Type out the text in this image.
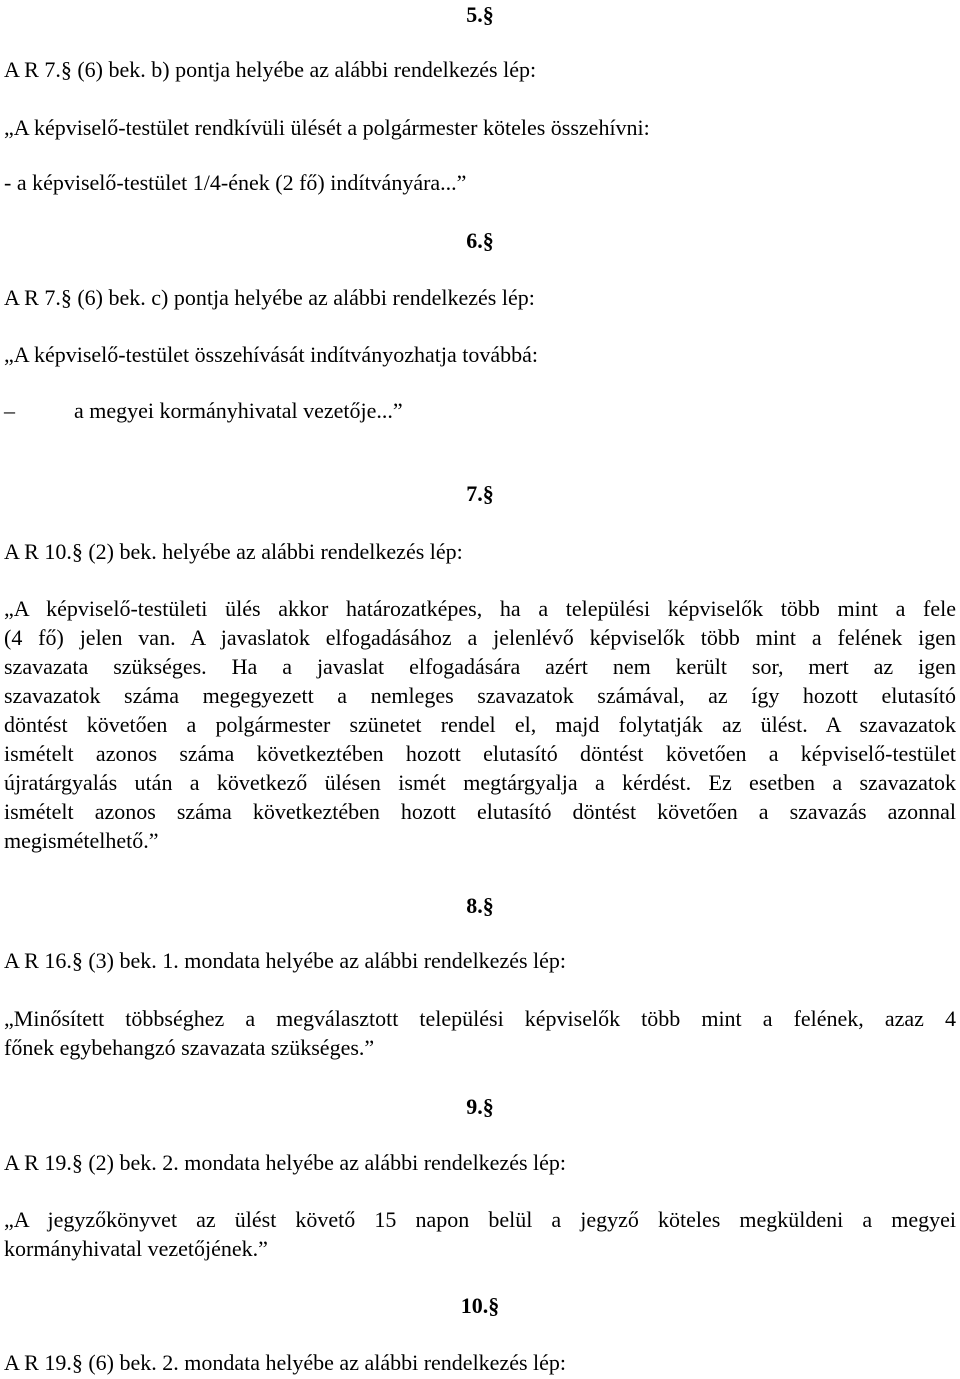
5.§
A R 7.§ (6) bek. b) pontja helyébe az alábbi rendelkezés lép:
„A képviselő-testület rendkívüli ülését a polgármester köteles összehívni:
- a képviselő-testület 1/4-ének (2 fő) indítványára...”
6.§
A R 7.§ (6) bek. c) pontja helyébe az alábbi rendelkezés lép:
„A képviselő-testület összehívását indítványozhatja továbbá:
–	a megyei kormányhivatal vezetője...”
7.§
A R 10.§ (2) bek. helyébe az alábbi rendelkezés lép:
„A képviselő-testületi ülés akkor határozatképes, ha a települési képviselők több mint a fele
(4 fő) jelen van. A javaslatok elfogadásához a jelenlévő képviselők több mint a felének igen
szavazata szükséges. Ha a javaslat elfogadására azért nem került sor, mert az igen
szavazatok száma megegyezett a nemleges szavazatok számával, az így hozott elutasító
döntést követően a polgármester szünetet rendel el, majd folytatják az ülést. A szavazatok
ismételt azonos száma következtében hozott elutasító döntést követően a képviselő-testület
újratárgyalás után a következő ülésen ismét megtárgyalja a kérdést. Ez esetben a szavazatok
ismételt azonos száma következtében hozott elutasító döntést követően a szavazás azonnal
megismételhető.”
8.§
A R 16.§ (3) bek. 1. mondata helyébe az alábbi rendelkezés lép:
„Minősített többséghez a megválasztott települési képviselők több mint a felének, azaz 4
főnek egybehangzó szavazata szükséges.”
9.§
A R 19.§ (2) bek. 2. mondata helyébe az alábbi rendelkezés lép:
„A jegyzőkönyvet az ülést követő 15 napon belül a jegyző köteles megküldeni a megyei
kormányhivatal vezetőjének.”
10.§
A R 19.§ (6) bek. 2. mondata helyébe az alábbi rendelkezés lép:
